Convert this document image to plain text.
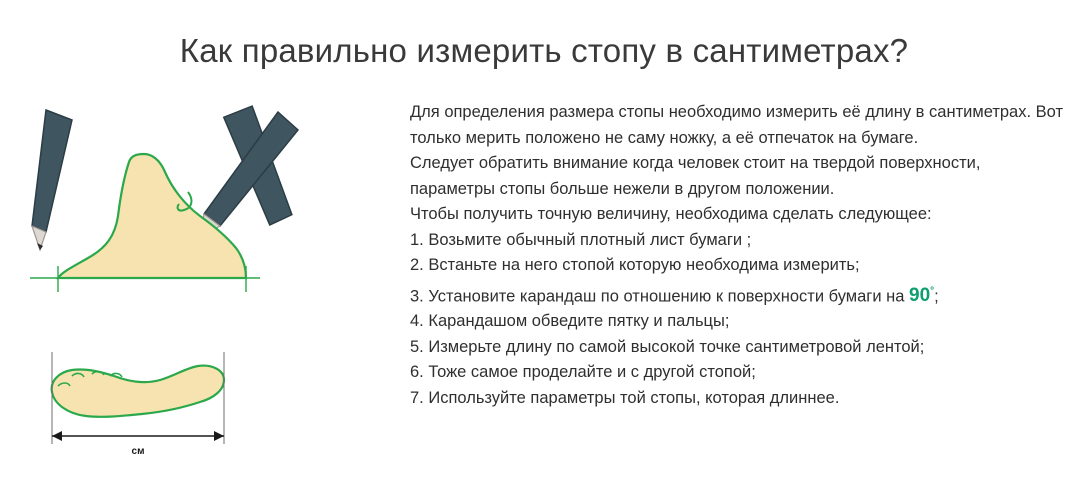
Как правильно измерить стопу в сантиметрах?
см

Для определения размера стопы необходимо измерить её длину в сантиметрах. Вот только мерить положено не саму ножку, а её отпечаток на бумаге.

Следует обратить внимание когда человек стоит на твердой поверхности, параметры стопы больше нежели в другом положении.

Чтобы получить точную величину, необходима сделать следующее:

1. Возьмите обычный плотный лист бумаги ;
2. Встаньте на него стопой которую необходима измерить;
3. Установите карандаш по отношению к поверхности бумаги на 90°;
4. Карандашом обведите пятку и пальцы;
5. Измерьте длину по самой высокой точке сантиметровой лентой;
6. Тоже самое проделайте и с другой стопой;
7. Используйте параметры той стопы, которая длиннее.
